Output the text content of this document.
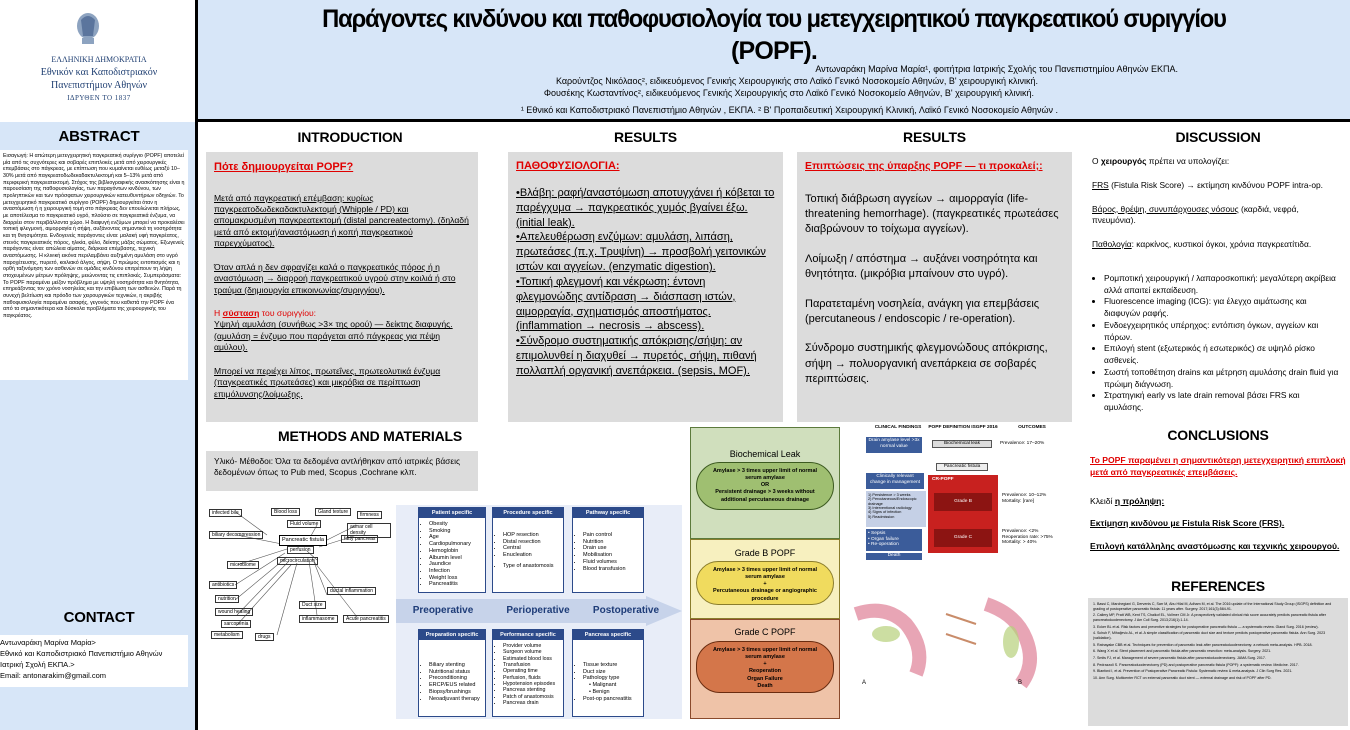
ΕΛΛΗΝΙΚΗ ΔΗΜΟΚΡΑΤΙΑ
Εθνικόν και Καποδιστριακόν
Πανεπιστήμιον Αθηνών
ΙΔΡΥΘΕΝ ΤΟ 1837
Παράγοντες κινδύνου και παθοφυσιολογία του μετεγχειρητικού παγκρεατικού συριγγίου
(POPF).
Αντωναράκη Μαρίνα Μαρία¹, φοιτήτρια Ιατρικής Σχολής του Πανεπιστημίου Αθηνών ΕΚΠΑ.
Καρούντζος Νικόλαος², ειδικευόμενος Γενικής Χειρουργικής στο Λαϊκό Γενικό Νοσοκομείο Αθηνών, Β' χειρουργική κλινική.
Φουσέκης Κωσταντίνος², ειδικευόμενος Γενικής Χειρουργικής στο Λαϊκό Γενικό Νοσοκομείο Αθηνών, Β' χειρουργική κλινική.
¹ Εθνικό και Καποδιστριακό Πανεπιστήμιο Αθηνών , ΕΚΠΑ. ² Β' Προπαιδευτική Χειρουργική Κλινική, Λαϊκό Γενικό Νοσοκομείο Αθηνών .
ABSTRACT
Εισαγωγή: Η απώτερη μετεγχειρητική παγκρεατική συρίγγιο (POPF) αποτελεί μία από τις συχνότερες και σοβαρές επιπλοκές μετά από χειρουργικές επεμβάσεις στο πάγκρεας, με επίπτωση που κυμαίνεται ευθέως μεταξύ 10–30% μετά από παγκρεατοδωδεκαδακτυλεκτομή και 5–13% μετά από περιφερική παγκρεατεκτομή. Στόχος της βιβλιογραφικής ανασκόπησης είναι η παρουσίαση της παθοφυσιολογίας, των παραγόντων κινδύνου, των προληπτικών και των πρόσφατων χειρουργικών κατευθυντήριων οδηγιών. Το μετεγχειρητικό παγκρεατικό συρίγγιο (POPF) δημιουργείται όταν η αναστόμωση ή η χειρουργική τομή στο πάγκρεας δεν επουλώνεται πλήρως, με αποτέλεσμα το παγκρεατικό υγρό, πλούσιο σε παγκρεατικά ένζυμα, να διαρρέει στον περιβάλλοντα χώρο. Η διαφυγή ενζύμων μπορεί να προκαλέσει τοπική φλεγμονή, αιμορραγία ή σήψη, αυξάνοντας σημαντικά τη νοσηρότητα και τη θνησιμότητα. Ενδογενείς παράγοντες είναι: μαλακή υφή παγκρέατος, στενός παγκρεατικός πόρος, ηλικία, φύλο, δείκτης μάζας σώματος. Εξωγενείς παράγοντες είναι: απώλεια αίματος, διάρκεια επέμβασης, τεχνική αναστόμωσης. Η κλινική εικόνα περιλαμβάνει αυξημένη αμυλάση στο υγρό παροχέτευσης, πυρετό, κοιλιακό άλγος, σήψη. Ο πρώιμος εντοπισμός και η ορθή ταξινόμηση των ασθενών σε ομάδες κινδύνου επιτρέπουν τη λήψη στοχευμένων μέτρων πρόληψης, μειώνοντας τις επιπλοκές. Συμπεράσματα: Το POPF παραμένει μείζον πρόβλημα με υψηλή νοσηρότητα και θνητότητα, επηρεάζοντας τον χρόνο νοσηλείας και την επιβίωση των ασθενών. Παρά τη συνεχή βελτίωση και πρόοδο των χειρουργικών τεχνικών, η ακριβής παθοφυσιολογία παραμένει ασαφής, γεγονός που καθιστά την POPF ένα από τα σημαντικότερα και δύσκολα προβλήματα της χειρουργικής του παγκρέατος.
CONTACT
Αντωναράκη Μαρίνα Μαρία>
Εθνικό και Καποδιστριακό Πανεπιστήμιο Αθηνών
Ιατρική Σχολή ΕΚΠΑ.>
Email: antonarakim@gmail.com
INTRODUCTION
Πότε δημιουργείται POPF?
Μετά από παγκρεατική επέμβαση: κυρίως παγκρεατοδωδεκαδακτυλεκτομή (Whipple / PD) και απομακρυσμένη παγκρεατεκτομή (distal pancreatectomy). (δηλαδή μετά από εκτομή/αναστόμωση ή κοπή παγκρεατικού παρεγχύματος).
Όταν απλά η δεν σφραγίζει καλά ο παγκρεατικός πόρος ή η αναστόμωση → διαρροή παγκρεατικού υγρού στην κοιλιά ή στο τραύμα (δημιουργία επικοινωνίας/συριγγίου).
Η σύσταση του συριγγίου:
Υψηλή αμυλάση (συνήθως >3× της ορού) — δείκτης διαφυγής. (αμυλάση = ένζυμο που παράγεται από πάγκρεας για πέψη αμύλου).
Μπορεί να περιέχει λίπος, πρωτεΐνες, πρωτεολυτικά ένζυμα (παγκρεατικές πρωτεάσες) και μικρόβια σε περίπτωση επιμόλυνσης/λοίμωξης.
RESULTS
ΠΑΘΟΦΥΣΙΟΛΟΓΙΑ:
•Βλάβη: ραφή/αναστόμωση αποτυγχάνει ή κόβεται το παρέγχυμα → παγκρεατικός χυμός βγαίνει έξω. (initial leak).
•Απελευθέρωση ενζύμων: αμυλάση, λιπάση, πρωτεάσες (π.χ. Τρυψίνη) → προσβολή γειτονικών ιστών και αγγείων. (enzymatic digestion).
•Τοπική φλεγμονή και νέκρωση: έντονη φλεγμονώδης αντίδραση → διάσπαση ιστών, αιμορραγία, σχηματισμός αποστήματος. (inflammation → necrosis → abscess).
•Σύνδρομο συστηματικής απόκρισης/σήψη: αν επιμολυνθεί η διαχυθεί → πυρετός, σήψη, πιθανή πολλαπλή οργανική ανεπάρκεια. (sepsis, MOF).
RESULTS
Επιπτώσεις της ύπαρξης POPF — τι προκαλεί;:
Τοπική διάβρωση αγγείων → αιμορραγία (life-threatening hemorrhage). (παγκρεατικές πρωτεάσες διαβρώνουν το τοίχωμα αγγείων).
Λοίμωξη / απόστημα → αυξάνει νοσηρότητα και θνητότητα. (μικρόβια μπαίνουν στο υγρό).
Παρατεταμένη νοσηλεία, ανάγκη για επεμβάσεις (percutaneous / endoscopic / re-operation).
Σύνδρομο συστημικής φλεγμονώδους απόκρισης, σήψη → πολυοργανική ανεπάρκεια σε σοβαρές περιπτώσεις.
DISCUSSION
Ο χειρουργός πρέπει να υπολογίζει:
FRS (Fistula Risk Score) → εκτίμηση κινδύνου POPF intra-op.
Βάρος, θρέψη, συνυπάρχουσες νόσους (καρδιά, νεφρά, πνευμόνια).
Παθολογία: καρκίνος, κυστικοί όγκοι, χρόνια παγκρεατίτιδα.
• Ρομποτική χειρουργική / λαπαροσκοπική: μεγαλύτερη ακρίβεια αλλά απαιτεί εκπαίδευση.
• Fluorescence imaging (ICG): για έλεγχο αιμάτωσης και διαφυγών ραφής.
• Ενδοεγχειρητικός υπέρηχος: εντόπιση όγκων, αγγείων και πόρων.
• Επιλογή stent (εξωτερικός ή εσωτερικός) σε υψηλό ρίσκο ασθενείς.
• Σωστή τοποθέτηση drains και μέτρηση αμυλάσης drain fluid για πρώιμη διάγνωση.
• Στρατηγική early vs late drain removal βάσει FRS και αμυλάσης.
CONCLUSIONS
Το POPF παραμένει η σημαντικότερη μετεγχειρητική επιπλοκή μετά από παγκρεατικές επεμβάσεις.
Κλειδί η πρόληψη:
Εκτίμηση κινδύνου με Fistula Risk Score (FRS).
Επιλογή κατάλληλης αναστόμωσης και τεχνικής χειρουργού.
REFERENCES
1. Bassi C, Marchegiani G, Dervenis C, Sarr M, Abu Hilal M, Adham M, et al. The 2016 update of the International Study Group (ISGPS) definition and grading of postoperative pancreatic fistula: 11 years after. Surgery. 2017;161(3):584-91.
2. Callery MP, Pratt WB, Kent TS, Chaikof EL, Vollmer CM Jr. A prospectively validated clinical risk score accurately predicts pancreatic fistula after pancreatoduodenectomy. J Am Coll Surg. 2013;216(1):1-14.
3. Ecker BL et al. Risk factors and preventive strategies for postoperative pancreatic fistula — a systematic review. Gland Surg. 2016 (review).
4. Schuh F, Mihaljevic AL, et al. A simple classification of pancreatic duct size and texture predicts postoperative pancreatic fistula. Ann Surg. 2023 (validation).
5. Ratnayake CBB et al. Techniques for prevention of pancreatic leak after pancreatoduodenectomy: a network meta-analysis. HPB. 2018.
6. Wang X et al. Stent placement and pancreatic fistula after pancreatic resection: meta-analysis. Surgery. 2021.
7. Smits FJ, et al. Management of severe pancreatic fistula after pancreatoduodenectomy. JAMA Surg. 2017.
8. Pedrazzoli S. Pancreatoduodenectomy (PD) and postoperative pancreatic fistula (POPF): a systematic review. Medicine. 2017.
9. Blanford I, et al. Prevention of Postoperative Pancreatic Fistula: Systematic review & meta-analysis. J Clin Surg Res. 2021.
10. Ann Surg. Multicenter RCT on external pancreatic duct stent — external drainage and risk of POPF after PD.
METHODS AND MATERIALS
Υλικό- Μέθοδοι: Όλα τα δεδομένα αντλήθηκαν από ιατρικές βάσεις δεδομένων όπως το Pub med, Scopus ,Cochrane κλπ.
infected bile
biliary decompression
microbiome
antibiotics
nutrition
wound healing
sarcopenia
metabolism
Blood loss
Fluid volume
Pancreatic fistula
perfusion
microcirculation
Gland texture	firmness
acinar cell density
fatty pancreas
Duct size
ductal inflammation
inflammasome	Acute pancreatitis
drugs
Preoperative	Perioperative	Postoperative
Patient specific
• Obesity
• Smoking
• Age
• Cardiopulmonary
• Hemoglobin
• Albumin level
• Jaundice
• Infection
• Weight loss
• Pancreatitis
Procedure specific
• HOP resection
• Distal resection
• Central
• Enucleation
• Type of anastomosis
Pathway specific
• Pain control
• Nutrition
• Drain use
• Mobilisation
• Fluid volumes
• Blood transfusion
Preparation specific
• Biliary stenting
• Nutritional status
• Preconditioning
• ERCP/EUS related
• Biopsy/brushings
• Neoadjuvant therapy
Performance specific
• Provider volume
• Surgeon volume
• Estimated blood loss
• Transfusion
• Operating time
• Perfusion, fluids
• Hypotension episodes
• Pancreas stenting
• Patch of anastomosis
• Pancreas drain
Pancreas specific
• Tissue texture
• Duct size
• Pathology type
• Malignant
• Benign
• Post-op pancreatitis
Biochemical Leak
Amylase > 3 times upper limit of normal serum amylase
OR
Persistent drainage > 3 weeks without additional percutaneous drainage
Grade B POPF
Amylase > 3 times upper limit of normal serum amylase
+
Percutaneous drainage or angiographic procedure
Grade C POPF
Amylase > 3 times upper limit of normal serum amylase
+
Reoperation
Organ Failure
Death
CLINICAL FINDINGS	POPF DEFINITION ISGPF 2016	OUTCOMES
Drain amylase level >3x normal value
Biochemical leak	Prevalence: 17–20%
Pancreatic fistula
Clinically relevant change in management
1) Persistence > 3 weeks
2) Percutaneous/Endoscopic drainage
3) Interventional radiology
4) Signs of infection
5) Readmission
• Sepsis
• Organ failure
• Re-operation
CR-POPF
Grade B
Grade C
Prevalence: 10–12%
Mortality: [rare]
Prevalence: <2%
Reoperation rate: >75%
Mortality: > 40%
Death
A	B
